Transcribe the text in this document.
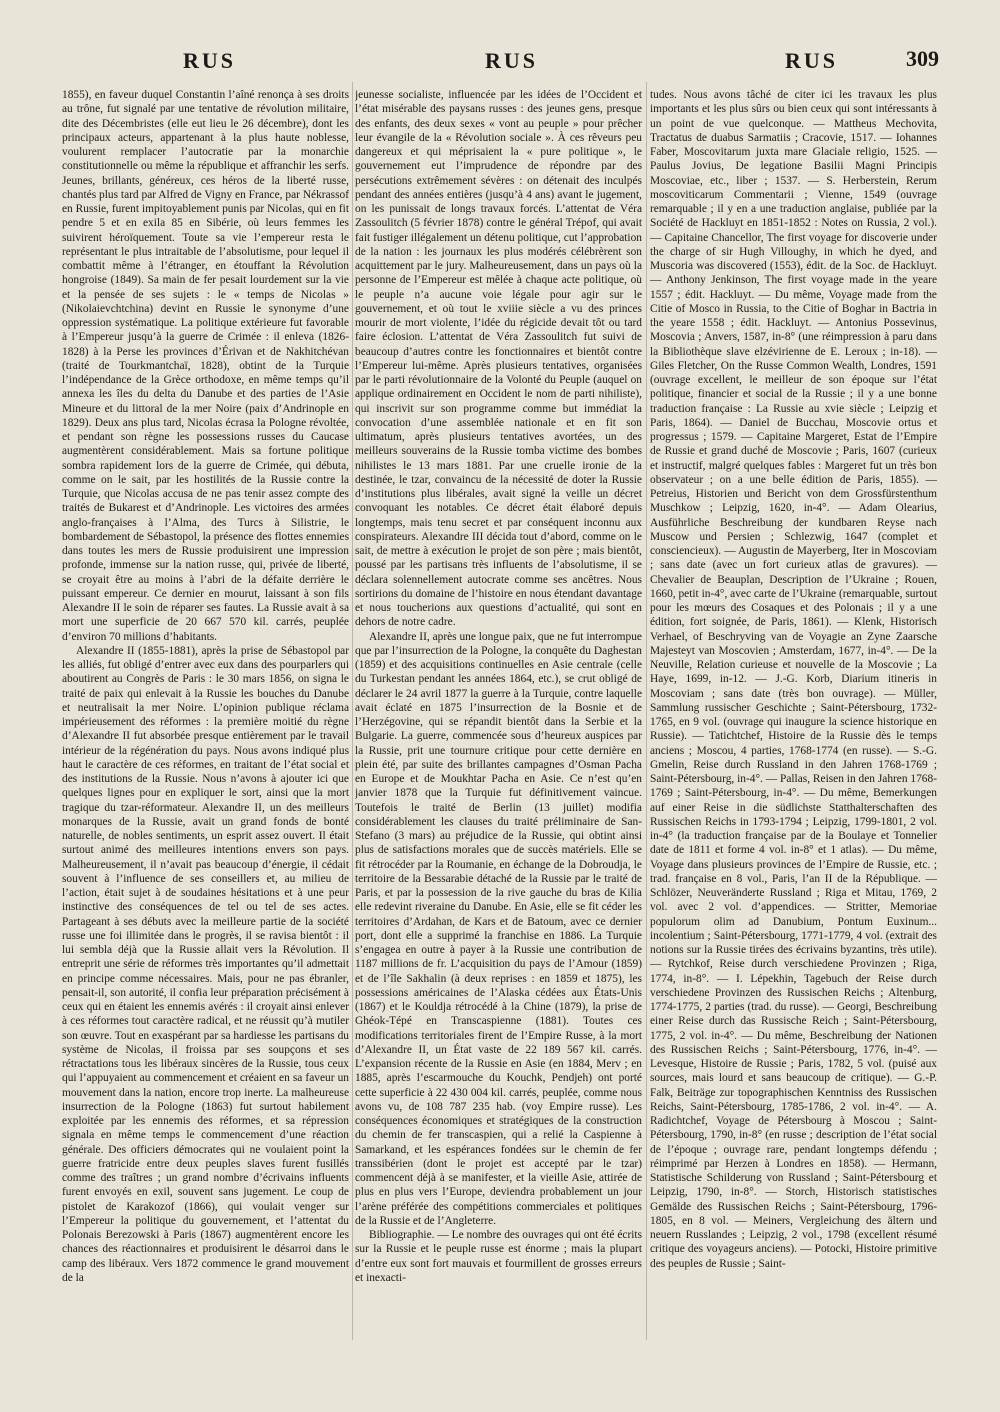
RUS	RUS	RUS	309

1855), en faveur duquel Constantin l’aîné renonça à ses droits au trône, fut signalé par une tentative de révolution militaire, dite des Décembristes (elle eut lieu le 26 décembre), dont les principaux acteurs, appartenant à la plus haute noblesse, voulurent remplacer l’autocratie par la monarchie constitutionnelle ou même la république et affranchir les serfs. Jeunes, brillants, généreux, ces héros de la liberté russe, chantés plus tard par Alfred de Vigny en France, par Nékrassof en Russie, furent impitoyablement punis par Nicolas, qui en fit pendre 5 et en exila 85 en Sibérie, où leurs femmes les suivirent héroïquement. Toute sa vie l’empereur resta le représentant le plus intraitable de l’absolutisme, pour lequel il combattit même à l’étranger, en étouffant la Révolution hongroise (1849). Sa main de fer pesait lourdement sur la vie et la pensée de ses sujets : le « temps de Nicolas » (Nikolaievchtchina) devint en Russie le synonyme d’une oppression systématique. La politique extérieure fut favorable à l’Empereur jusqu’à la guerre de Crimée : il enleva (1826-1828) à la Perse les provinces d’Érivan et de Nakhitchévan (traité de Tourkmantchaï, 1828), obtint de la Turquie l’indépendance de la Grèce orthodoxe, en même temps qu’il annexa les îles du delta du Danube et des parties de l’Asie Mineure et du littoral de la mer Noire (paix d’Andrinople en 1829). Deux ans plus tard, Nicolas écrasa la Pologne révoltée, et pendant son règne les possessions russes du Caucase augmentèrent considérablement. Mais sa fortune politique sombra rapidement lors de la guerre de Crimée, qui débuta, comme on le sait, par les hostilités de la Russie contre la Turquie, que Nicolas accusa de ne pas tenir assez compte des traités de Bukarest et d’Andrinople. Les victoires des armées anglo-françaises à l’Alma, des Turcs à Silistrie, le bombardement de Sébastopol, la présence des flottes ennemies dans toutes les mers de Russie produisirent une impression profonde, immense sur la nation russe, qui, privée de liberté, se croyait être au moins à l’abri de la défaite derrière le puissant empereur. Ce dernier en mourut, laissant à son fils Alexandre II le soin de réparer ses fautes. La Russie avait à sa mort une superficie de 20 667 570 kil. carrés, peuplée d’environ 70 millions d’habitants.

Alexandre II (1855-1881), après la prise de Sébastopol par les alliés, fut obligé d’entrer avec eux dans des pourparlers qui aboutirent au Congrès de Paris : le 30 mars 1856, on signa le traité de paix qui enlevait à la Russie les bouches du Danube et neutralisait la mer Noire. L’opinion publique réclama impérieusement des réformes : la première moitié du règne d’Alexandre II fut absorbée presque entièrement par le travail intérieur de la régénération du pays. Nous avons indiqué plus haut le caractère de ces réformes, en traitant de l’état social et des institutions de la Russie. Nous n’avons à ajouter ici que quelques lignes pour en expliquer le sort, ainsi que la mort tragique du tzar-réformateur. Alexandre II, un des meilleurs monarques de la Russie, avait un grand fonds de bonté naturelle, de nobles sentiments, un esprit assez ouvert. Il était surtout animé des meilleures intentions envers son pays. Malheureusement, il n’avait pas beaucoup d’énergie, il cédait souvent à l’influence de ses conseillers et, au milieu de l’action, était sujet à de soudaines hésitations et à une peur instinctive des conséquences de tel ou tel de ses actes. Partageant à ses débuts avec la meilleure partie de la société russe une foi illimitée dans le progrès, il se ravisa bientôt : il lui sembla déjà que la Russie allait vers la Révolution. Il entreprit une série de réformes très importantes qu’il admettait en principe comme nécessaires. Mais, pour ne pas ébranler, pensait-il, son autorité, il confia leur préparation précisément à ceux qui en étaient les ennemis avérés : il croyait ainsi enlever à ces réformes tout caractère radical, et ne réussit qu’à mutiler son œuvre. Tout en exaspérant par sa hardiesse les partisans du système de Nicolas, il froissa par ses soupçons et ses rétractations tous les libéraux sincères de la Russie, tous ceux qui l’appuyaient au commencement et créaient en sa faveur un mouvement dans la nation, encore trop inerte. La malheureuse insurrection de la Pologne (1863) fut surtout habilement exploitée par les ennemis des réformes, et sa répression signala en même temps le commencement d’une réaction générale. Des officiers démocrates qui ne voulaient point la guerre fratricide entre deux peuples slaves furent fusillés comme des traîtres ; un grand nombre d’écrivains influents furent envoyés en exil, souvent sans jugement. Le coup de pistolet de Karakozof (1866), qui voulait venger sur l’Empereur la politique du gouvernement, et l’attentat du Polonais Berezowski à Paris (1867) augmentèrent encore les chances des réactionnaires et produisirent le désarroi dans le camp des libéraux. Vers 1872 commence le grand mouvement de la

jeunesse socialiste, influencée par les idées de l’Occident et l’état misérable des paysans russes : des jeunes gens, presque des enfants, des deux sexes « vont au peuple » pour prêcher leur évangile de la « Révolution sociale ». À ces rêveurs peu dangereux et qui méprisaient la « pure politique », le gouvernement eut l’imprudence de répondre par des persécutions extrêmement sévères : on détenait des inculpés pendant des années entières (jusqu’à 4 ans) avant le jugement, on les punissait de longs travaux forcés. L’attentat de Véra Zassoulitch (5 février 1878) contre le général Trépof, qui avait fait fustiger illégalement un détenu politique, cut l’approbation de la nation : les journaux les plus modérés célébrèrent son acquittement par le jury. Malheureusement, dans un pays où la personne de l’Empereur est mêlée à chaque acte politique, où le peuple n’a aucune voie légale pour agir sur le gouvernement, et où tout le xviiie siècle a vu des princes mourir de mort violente, l’idée du régicide devait tôt ou tard faire éclosion. L’attentat de Véra Zassoulitch fut suivi de beaucoup d’autres contre les fonctionnaires et bientôt contre l’Empereur lui-même. Après plusieurs tentatives, organisées par le parti révolutionnaire de la Volonté du Peuple (auquel on applique ordinairement en Occident le nom de parti nihiliste), qui inscrivit sur son programme comme but immédiat la convocation d’une assemblée nationale et en fit son ultimatum, après plusieurs tentatives avortées, un des meilleurs souverains de la Russie tomba victime des bombes nihilistes le 13 mars 1881. Par une cruelle ironie de la destinée, le tzar, convaincu de la nécessité de doter la Russie d’institutions plus libérales, avait signé la veille un décret convoquant les notables. Ce décret était élaboré depuis longtemps, mais tenu secret et par conséquent inconnu aux conspirateurs. Alexandre III décida tout d’abord, comme on le sait, de mettre à exécution le projet de son père ; mais bientôt, poussé par les partisans très influents de l’absolutisme, il se déclara solennellement autocrate comme ses ancêtres. Nous sortirions du domaine de l’histoire en nous étendant davantage et nous toucherions aux questions d’actualité, qui sont en dehors de notre cadre.

Alexandre II, après une longue paix, que ne fut interrompue que par l’insurrection de la Pologne, la conquête du Daghestan (1859) et des acquisitions continuelles en Asie centrale (celle du Turkestan pendant les années 1864, etc.), se crut obligé de déclarer le 24 avril 1877 la guerre à la Turquie, contre laquelle avait éclaté en 1875 l’insurrection de la Bosnie et de l’Herzégovine, qui se répandit bientôt dans la Serbie et la Bulgarie. La guerre, commencée sous d’heureux auspices par la Russie, prit une tournure critique pour cette dernière en plein été, par suite des brillantes campagnes d’Osman Pacha en Europe et de Moukhtar Pacha en Asie. Ce n’est qu’en janvier 1878 que la Turquie fut définitivement vaincue. Toutefois le traité de Berlin (13 juillet) modifia considérablement les clauses du traité préliminaire de San-Stefano (3 mars) au préjudice de la Russie, qui obtint ainsi plus de satisfactions morales que de succès matériels. Elle se fit rétrocéder par la Roumanie, en échange de la Dobroudja, le territoire de la Bessarabie détaché de la Russie par le traité de Paris, et par la possession de la rive gauche du bras de Kilia elle redevint riveraine du Danube. En Asie, elle se fit céder les territoires d’Ardahan, de Kars et de Batoum, avec ce dernier port, dont elle a supprimé la franchise en 1886. La Turquie s’engagea en outre à payer à la Russie une contribution de 1187 millions de fr. L’acquisition du pays de l’Amour (1859) et de l’île Sakhalin (à deux reprises : en 1859 et 1875), les possessions américaines de l’Alaska cédées aux États-Unis (1867) et le Kouldja rétrocédé à la Chine (1879), la prise de Ghéok-Tépé en Transcaspienne (1881). Toutes ces modifications territoriales firent de l’Empire Russe, à la mort d’Alexandre II, un État vaste de 22 189 567 kil. carrés. L’expansion récente de la Russie en Asie (en 1884, Merv ; en 1885, après l’escarmouche du Kouchk, Pendjeh) ont porté cette superficie à 22 430 004 kil. carrés, peuplée, comme nous avons vu, de 108 787 235 hab. (voy Empire russe). Les conséquences économiques et stratégiques de la construction du chemin de fer transcaspien, qui a relié la Caspienne à Samarkand, et les espérances fondées sur le chemin de fer transsibérien (dont le projet est accepté par le tzar) commencent déjà à se manifester, et la vieille Asie, attirée de plus en plus vers l’Europe, deviendra probablement un jour l’arène préférée des compétitions commerciales et politiques de la Russie et de l’Angleterre.

Bibliographie. — Le nombre des ouvrages qui ont été écrits sur la Russie et le peuple russe est énorme ; mais la plupart d’entre eux sont fort mauvais et fourmillent de grosses erreurs et inexacti-

tudes. Nous avons tâché de citer ici les travaux les plus importants et les plus sûrs ou bien ceux qui sont intéressants à un point de vue quelconque. — Mattheus Mechovita, Tractatus de duabus Sarmatiis ; Cracovie, 1517. — Iohannes Faber, Moscovitarum juxta mare Glaciale religio, 1525. — Paulus Jovius, De legatione Basilii Magni Principis Moscoviae, etc., liber ; 1537. — S. Herberstein, Rerum moscoviticarum Commentarii ; Vienne, 1549 (ouvrage remarquable ; il y en a une traduction anglaise, publiée par la Société de Hackluyt en 1851-1852 : Notes on Russia, 2 vol.). — Capitaine Chancellor, The first voyage for discoverie under the charge of sir Hugh Villoughy, in which he dyed, and Muscoria was discovered (1553), édit. de la Soc. de Hackluyt. — Anthony Jenkinson, The first voyage made in the yeare 1557 ; édit. Hackluyt. — Du même, Voyage made from the Citie of Mosco in Russia, to the Citie of Boghar in Bactria in the yeare 1558 ; édit. Hackluyt. — Antonius Possevinus, Moscovia ; Anvers, 1587, in-8° (une réimpression à paru dans la Bibliothèque slave elzévirienne de E. Leroux ; in-18). — Giles Fletcher, On the Russe Common Wealth, Londres, 1591 (ouvrage excellent, le meilleur de son époque sur l’état politique, financier et social de la Russie ; il y a une bonne traduction française : La Russie au xvie siècle ; Leipzig et Paris, 1864). — Daniel de Bucchau, Moscovie ortus et progressus ; 1579. — Capitaine Margeret, Estat de l’Empire de Russie et grand duché de Moscovie ; Paris, 1607 (curieux et instructif, malgré quelques fables : Margeret fut un très bon observateur ; on a une belle édition de Paris, 1855). — Petreius, Historien und Bericht von dem Grossfürstenthum Muschkow ; Leipzig, 1620, in-4°. — Adam Olearius, Ausführliche Beschreibung der kundbaren Reyse nach Muscow und Persien ; Schlezwig, 1647 (complet et consciencieux). — Augustin de Mayerberg, Iter in Moscoviam ; sans date (avec un fort curieux atlas de gravures). — Chevalier de Beauplan, Description de l’Ukraine ; Rouen, 1660, petit in-4°, avec carte de l’Ukraine (remarquable, surtout pour les mœurs des Cosaques et des Polonais ; il y a une édition, fort soignée, de Paris, 1861). — Klenk, Historisch Verhael, of Beschryving van de Voyagie an Zyne Zaarsche Majesteyt van Moscovien ; Amsterdam, 1677, in-4°. — De la Neuville, Relation curieuse et nouvelle de la Moscovie ; La Haye, 1699, in-12. — J.-G. Korb, Diarium itineris in Moscoviam ; sans date (très bon ouvrage). — Müller, Sammlung russischer Geschichte ; Saint-Pétersbourg, 1732-1765, en 9 vol. (ouvrage qui inaugure la science historique en Russie). — Tatichtchef, Histoire de la Russie dès le temps anciens ; Moscou, 4 parties, 1768-1774 (en russe). — S.-G. Gmelin, Reise durch Russland in den Jahren 1768-1769 ; Saint-Pétersbourg, in-4°. — Pallas, Reisen in den Jahren 1768-1769 ; Saint-Pétersbourg, in-4°. — Du même, Bemerkungen auf einer Reise in die südlichste Statthalterschaften des Russischen Reichs in 1793-1794 ; Leipzig, 1799-1801, 2 vol. in-4° (la traduction française par de la Boulaye et Tonnelier date de 1811 et forme 4 vol. in-8° et 1 atlas). — Du même, Voyage dans plusieurs provinces de l’Empire de Russie, etc. ; trad. française en 8 vol., Paris, l’an II de la République. — Schlözer, Neuveränderte Russland ; Riga et Mitau, 1769, 2 vol. avec 2 vol. d’appendices. — Stritter, Memoriae populorum olim ad Danubium, Pontum Euxinum... incolentium ; Saint-Pétersbourg, 1771-1779, 4 vol. (extrait des notions sur la Russie tirées des écrivains byzantins, très utile). — Rytchkof, Reise durch verschiedene Provinzen ; Riga, 1774, in-8°. — I. Lépekhin, Tagebuch der Reise durch verschiedene Provinzen des Russischen Reichs ; Altenburg, 1774-1775, 2 parties (trad. du russe). — Georgi, Beschreibung einer Reise durch das Russische Reich ; Saint-Pétersbourg, 1775, 2 vol. in-4°. — Du même, Beschreibung der Nationen des Russischen Reichs ; Saint-Pétersbourg, 1776, in-4°. — Levesque, Histoire de Russie ; Paris, 1782, 5 vol. (puisé aux sources, mais lourd et sans beaucoup de critique). — G.-P. Falk, Beiträge zur topographischen Kenntniss des Russischen Reichs, Saint-Pétersbourg, 1785-1786, 2 vol. in-4°. — A. Radichtchef, Voyage de Pétersbourg à Moscou ; Saint-Pétersbourg, 1790, in-8° (en russe ; description de l’état social de l’époque ; ouvrage rare, pendant longtemps défendu ; réimprimé par Herzen à Londres en 1858). — Hermann, Statistische Schilderung von Russland ; Saint-Pétersbourg et Leipzig, 1790, in-8°. — Storch, Historisch statistisches Gemälde des Russischen Reichs ; Saint-Pétersbourg, 1796-1805, en 8 vol. — Meiners, Vergleichung des ältern und neuern Russlandes ; Leipzig, 2 vol., 1798 (excellent résumé critique des voyageurs anciens). — Potocki, Histoire primitive des peuples de Russie ; Saint-
